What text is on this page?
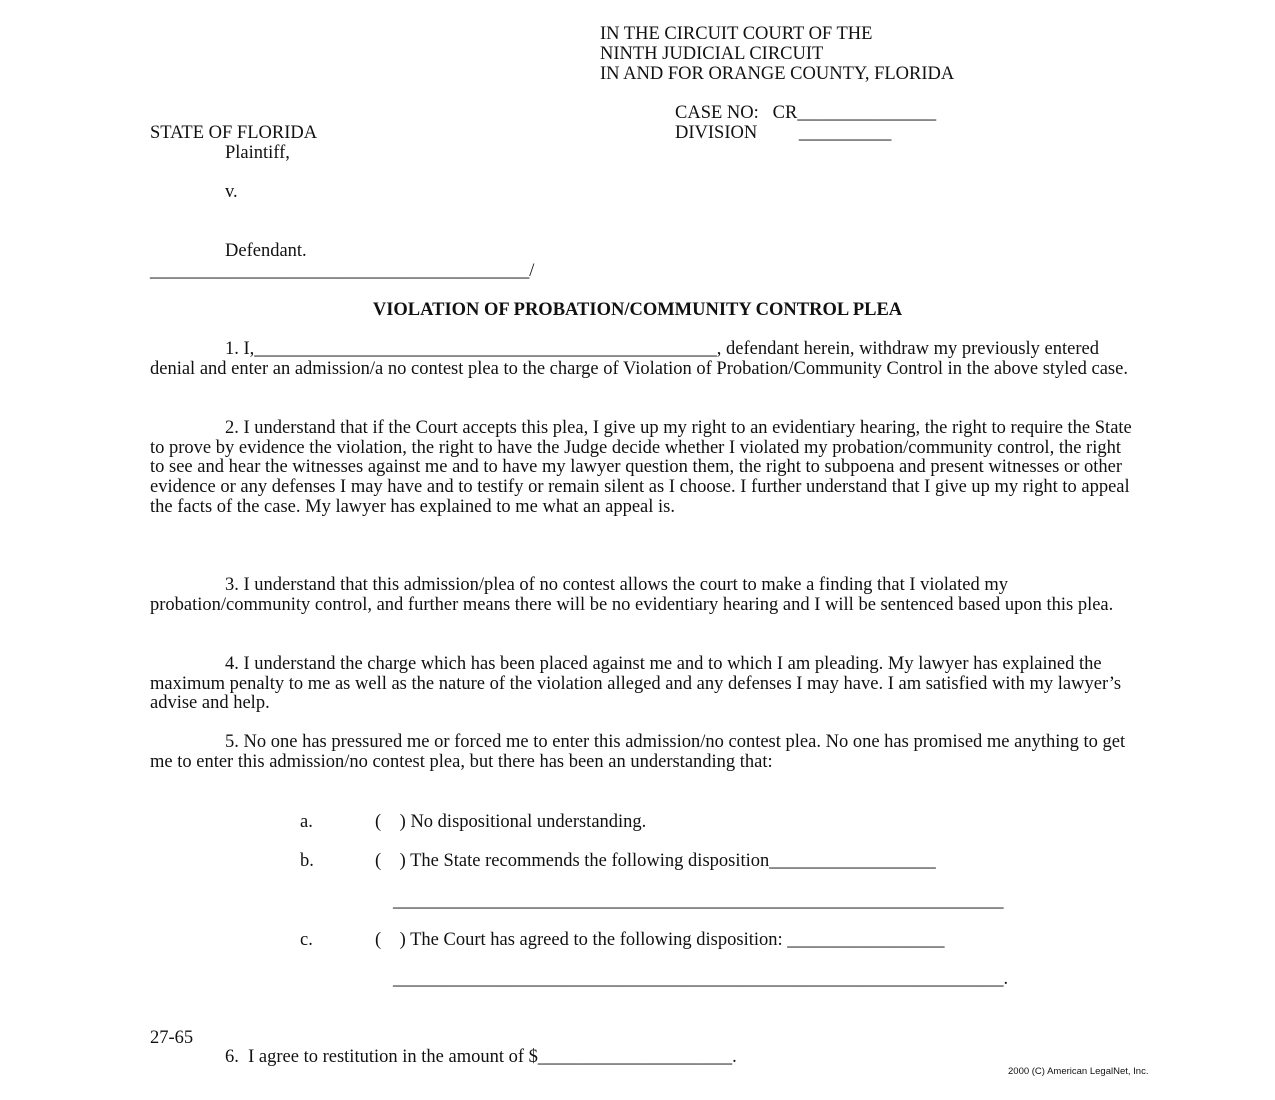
IN THE CIRCUIT COURT OF THE
NINTH JUDICIAL CIRCUIT
IN AND FOR ORANGE COUNTY, FLORIDA
CASE NO:   CR_______________
DIVISION         __________
STATE OF FLORIDA
Plaintiff,
v.
Defendant.
_________________________________________/
VIOLATION OF PROBATION/COMMUNITY CONTROL PLEA
1. I,__________________________________________________, defendant herein, withdraw my previously entered denial and enter an admission/a no contest plea to the charge of Violation of Probation/Community Control in the above styled case.
2. I understand that if the Court accepts this plea, I give up my right to an evidentiary hearing, the right to require the State to prove by evidence the violation, the right to have the Judge decide whether I violated my probation/community control, the right to see and hear the witnesses against me and to have my lawyer question them, the right to subpoena and present witnesses or other evidence or any defenses I may have and to testify or remain silent as I choose. I further understand that I give up my right to appeal the facts of the case. My lawyer has explained to me what an appeal is.
3. I understand that this admission/plea of no contest allows the court to make a finding that I violated my probation/community control, and further means there will be no evidentiary hearing and I will be sentenced based upon this plea.
4. I understand the charge which has been placed against me and to which I am pleading. My lawyer has explained the maximum penalty to me as well as the nature of the violation alleged and any defenses I may have. I am satisfied with my lawyer’s advise and help.
5. No one has pressured me or forced me to enter this admission/no contest plea. No one has promised me anything to get me to enter this admission/no contest plea, but there has been an understanding that:
a.	(    ) No dispositional understanding.
b.	(    ) The State recommends the following disposition__________________
__________________________________________________________________
c.	(    ) The Court has agreed to the following disposition: _________________
__________________________________________________________________.
27-65
6.  I agree to restitution in the amount of $_____________________.
2000 (C) American LegalNet, Inc.
